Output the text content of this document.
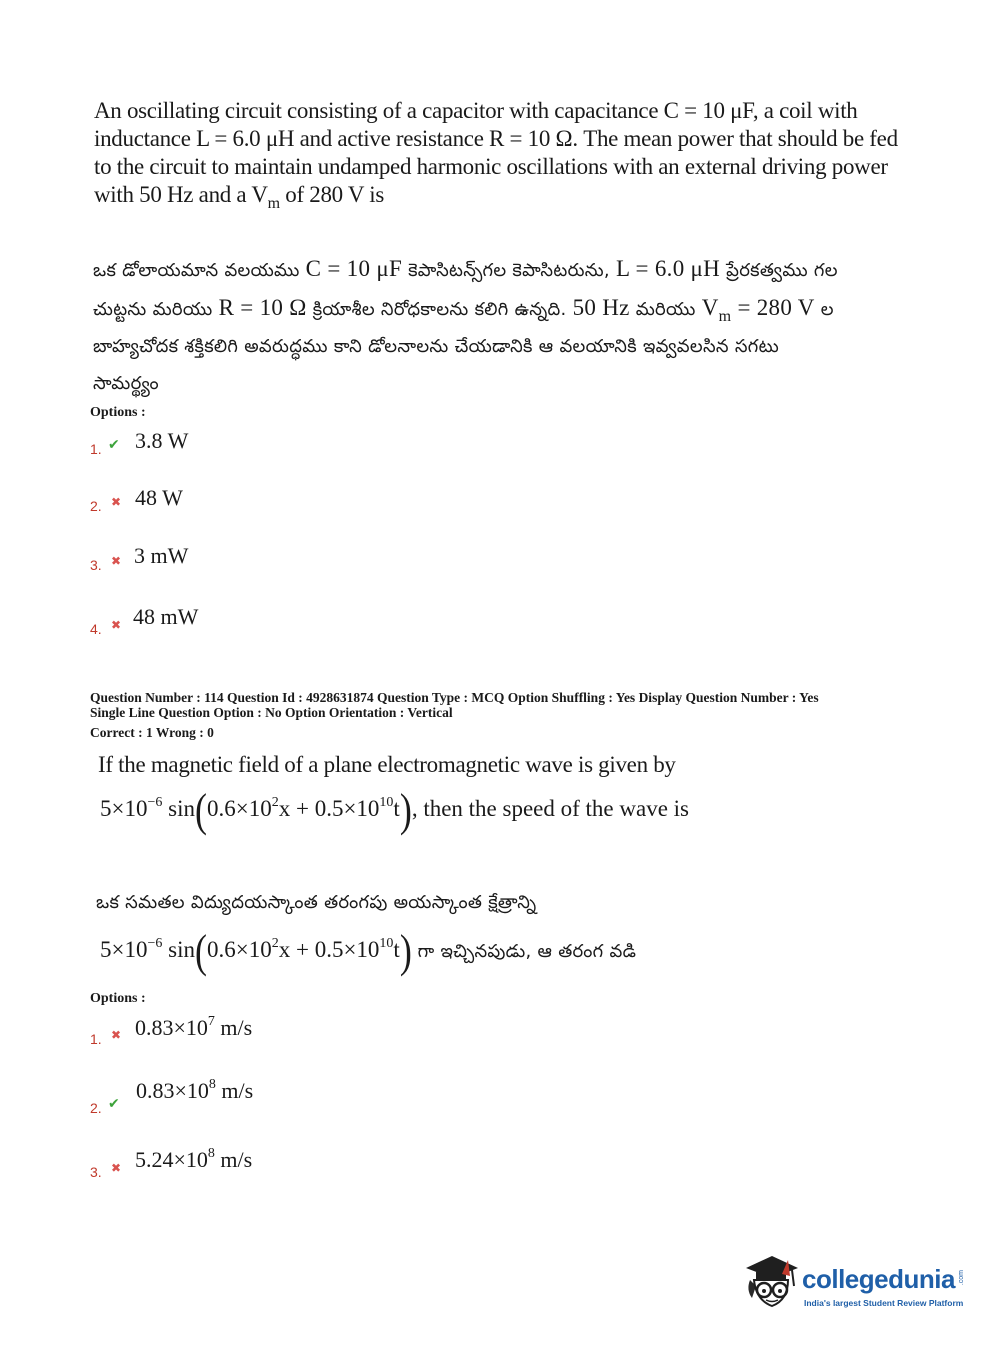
An oscillating circuit consisting of a capacitor with capacitance C = 10 μF, a coil with
inductance L = 6.0 μH and active resistance R = 10 Ω. The mean power that should be fed
to the circuit to maintain undamped harmonic oscillations with an external driving power
with 50 Hz and a $V_m$ of 280 V is
ఒక డోలాయమాన వలయము C = 10 μF కెపాసిటన్స్‌గల కెపాసిటరును, L = 6.0 μH ప్రేరకత్వము గల
చుట్టను మరియు R = 10 Ω క్రియాశీల నిరోధకాలను కలిగి ఉన్నది. 50 Hz మరియు $V_m = 280$ V ల
బాహ్యచోదక శక్తికలిగి అవరుద్ధము కాని డోలనాలను చేయడానికి ఆ వలయానికి ఇవ్వవలసిన సగటు
సామర్థ్యం
Options :
1. ✔ 3.8 W
2. ✖ 48 W
3. ✖ 3 mW
4. ✖ 48 mW
Question Number : 114 Question Id : 4928631874 Question Type : MCQ Option Shuffling : Yes Display Question Number : Yes
Single Line Question Option : No Option Orientation : Vertical
Correct : 1 Wrong : 0
If the magnetic field of a plane electromagnetic wave is given by
$5\times 10^{-6}$ $\sin(0.6\times 10^2x + 0.5\times 10^{10}t)$, then the speed of the wave is
ఒక సమతల విద్యుదయస్కాంత తరంగపు అయస్కాంత క్షేత్రాన్ని
$5\times 10^{-6}$ $\sin(0.6\times 10^2x + 0.5\times 10^{10}t)$ గా ఇచ్చినపుడు, ఆ తరంగ వడి
Options :
1. ✖ $0.83\times 10^7$ m/s
2. ✔
$0.83\times 10^8$ m/s
3. ✖ $5.24\times 10^8$ m/s
collegedunia .com
India's largest Student Review Platform
